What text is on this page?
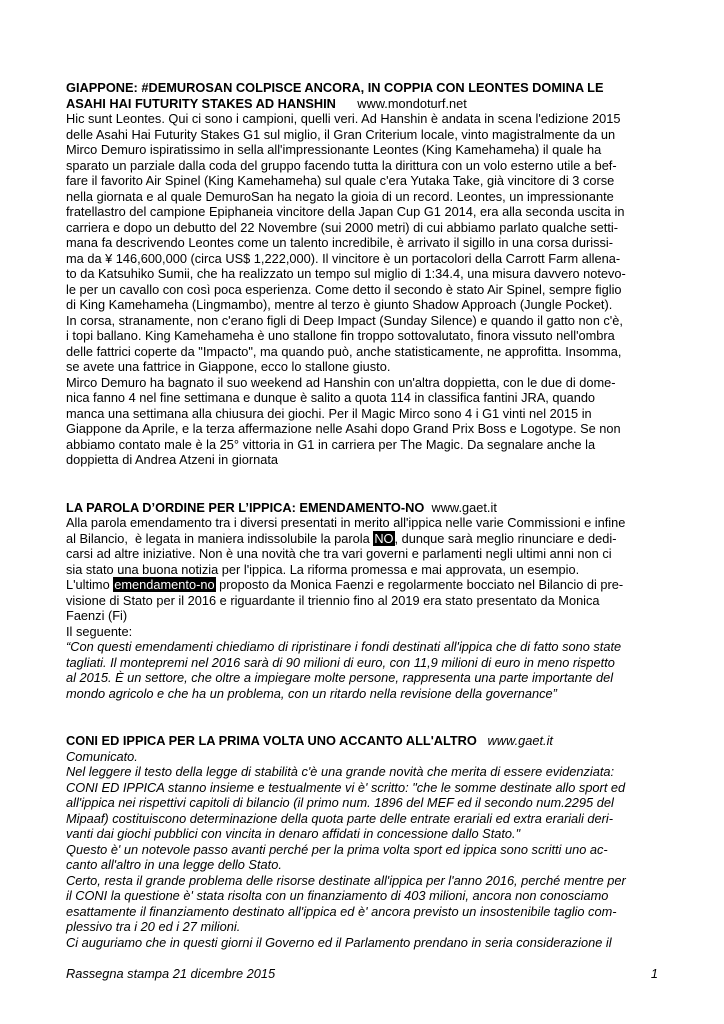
GIAPPONE: #DEMUROSAN COLPISCE ANCORA, IN COPPIA CON LEONTES DOMINA LE
ASAHI HAI FUTURITY STAKES AD HANSHIN www.mondoturf.net
Hic sunt Leontes. Qui ci sono i campioni, quelli veri. Ad Hanshin è andata in scena l'edizione 2015
delle Asahi Hai Futurity Stakes G1 sul miglio, il Gran Criterium locale, vinto magistralmente da un
Mirco Demuro ispiratissimo in sella all'impressionante Leontes (King Kamehameha) il quale ha
sparato un parziale dalla coda del gruppo facendo tutta la dirittura con un volo esterno utile a bef-
fare il favorito Air Spinel (King Kamehameha) sul quale c'era Yutaka Take, già vincitore di 3 corse
nella giornata e al quale DemuroSan ha negato la gioia di un record. Leontes, un impressionante
fratellastro del campione Epiphaneia vincitore della Japan Cup G1 2014, era alla seconda uscita in
carriera e dopo un debutto del 22 Novembre (sui 2000 metri) di cui abbiamo parlato qualche setti-
mana fa descrivendo Leontes come un talento incredibile, è arrivato il sigillo in una corsa durissi-
ma da ¥ 146,600,000 (circa US$ 1,222,000). Il vincitore è un portacolori della Carrott Farm allena-
to da Katsuhiko Sumii, che ha realizzato un tempo sul miglio di 1:34.4, una misura davvero notevo-
le per un cavallo con così poca esperienza. Come detto il secondo è stato Air Spinel, sempre figlio
di King Kamehameha (Lingmambo), mentre al terzo è giunto Shadow Approach (Jungle Pocket).
In corsa, stranamente, non c'erano figli di Deep Impact (Sunday Silence) e quando il gatto non c'è,
i topi ballano. King Kamehameha è uno stallone fin troppo sottovalutato, finora vissuto nell'ombra
delle fattrici coperte da "Impacto", ma quando può, anche statisticamente, ne approfitta. Insomma,
se avete una fattrice in Giappone, ecco lo stallone giusto.
Mirco Demuro ha bagnato il suo weekend ad Hanshin con un'altra doppietta, con le due di dome-
nica fanno 4 nel fine settimana e dunque è salito a quota 114 in classifica fantini JRA, quando
manca una settimana alla chiusura dei giochi. Per il Magic Mirco sono 4 i G1 vinti nel 2015 in
Giappone da Aprile, e la terza affermazione nelle Asahi dopo Grand Prix Boss e Logotype. Se non
abbiamo contato male è la 25° vittoria in G1 in carriera per The Magic. Da segnalare anche la
doppietta di Andrea Atzeni in giornata
LA PAROLA D’ORDINE PER L’IPPICA: EMENDAMENTO-NO www.gaet.it
Alla parola emendamento tra i diversi presentati in merito all'ippica nelle varie Commissioni e infine
al Bilancio,  è legata in maniera indissolubile la parola NO, dunque sarà meglio rinunciare e dedi-
carsi ad altre iniziative. Non è una novità che tra vari governi e parlamenti negli ultimi anni non ci
sia stato una buona notizia per l'ippica. La riforma promessa e mai approvata, un esempio.
L'ultimo emendamento-no proposto da Monica Faenzi e regolarmente bocciato nel Bilancio di pre-
visione di Stato per il 2016 e riguardante il triennio fino al 2019 era stato presentato da Monica
Faenzi (Fi)
Il seguente:
“Con questi emendamenti chiediamo di ripristinare i fondi destinati all'ippica che di fatto sono state
tagliati. Il montepremi nel 2016 sarà di 90 milioni di euro, con 11,9 milioni di euro in meno rispetto
al 2015. È un settore, che oltre a impiegare molte persone, rappresenta una parte importante del
mondo agricolo e che ha un problema, con un ritardo nella revisione della governance”
CONI ED IPPICA PER LA PRIMA VOLTA UNO ACCANTO ALL'ALTRO www.gaet.it
Comunicato.
Nel leggere il testo della legge di stabilità c'è una grande novità che merita di essere evidenziata:
CONI ED IPPICA stanno insieme e testualmente vi è' scritto: "che le somme destinate allo sport ed
all'ippica nei rispettivi capitoli di bilancio (il primo num. 1896 del MEF ed il secondo num.2295 del
Mipaaf) costituiscono determinazione della quota parte delle entrate erariali ed extra erariali deri-
vanti dai giochi pubblici con vincita in denaro affidati in concessione dallo Stato."
Questo è' un notevole passo avanti perché per la prima volta sport ed ippica sono scritti uno ac-
canto all'altro in una legge dello Stato.
Certo, resta il grande problema delle risorse destinate all'ippica per l'anno 2016, perché mentre per
il CONI la questione è' stata risolta con un finanziamento di 403 milioni, ancora non conosciamo
esattamente il finanziamento destinato all'ippica ed è' ancora previsto un insostenibile taglio com-
plessivo tra i 20 ed i 27 milioni.
Ci auguriamo che in questi giorni il Governo ed il Parlamento prendano in seria considerazione il
Rassegna stampa 21 dicembre 2015	1
